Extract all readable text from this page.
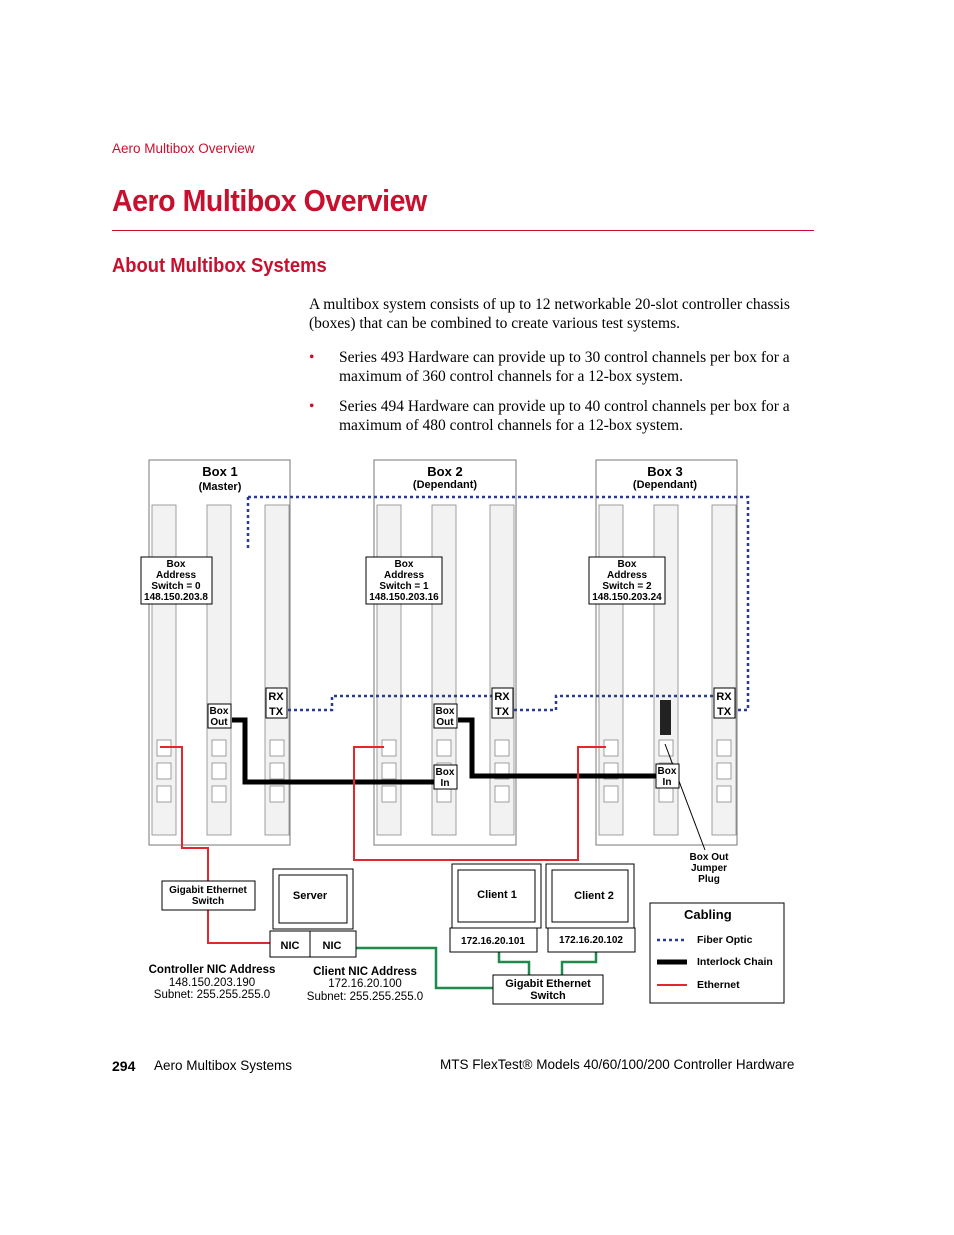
Aero Multibox Overview
Aero Multibox Overview
About Multibox Systems
A multibox system consists of up to 12 networkable 20-slot controller chassis (boxes) that can be combined to create various test systems.
• Series 493 Hardware can provide up to 30 control channels per box for a maximum of 360 control channels for a 12-box system.
• Series 494 Hardware can provide up to 40 control channels per box for a maximum of 480 control channels for a 12-box system.
Box 1
(Master)
Box 2
(Dependant)
Box 3
(Dependant)
Box
Address
Switch = 0
148.150.203.8
Box
Address
Switch = 1
148.150.203.16
Box
Address
Switch = 2
148.150.203.24
RX
TX
RX
TX
RX
TX
Box
Out
Box
Out
Box
In
Box
In
Box Out
Jumper
Plug
Gigabit Ethernet
Switch	Server
NIC NIC
Client 1
172.16.20.101
Client 2
172.16.20.102
Gigabit Ethernet
Switch
Controller NIC Address
148.150.203.190
Subnet: 255.255.255.0
Client NIC Address
172.16.20.100
Subnet: 255.255.255.0
Cabling
Fiber Optic
Interlock Chain
Ethernet
294 Aero Multibox Systems	MTS FlexTest® Models 40/60/100/200 Controller Hardware
